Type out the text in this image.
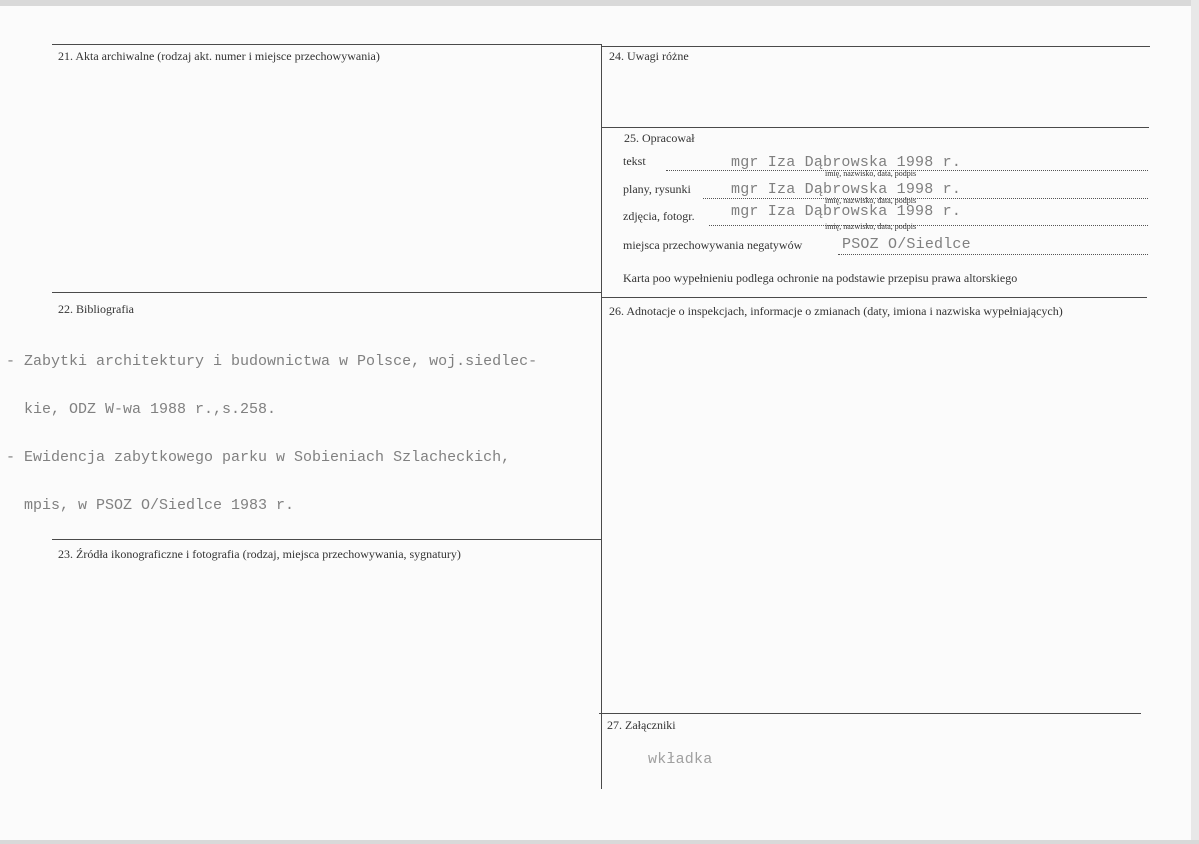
21. Akta archiwalne (rodzaj akt. numer i miejsce przechowywania)	24. Uwagi różne
25. Opracował
tekst	mgr Iza Dąbrowska 1998 r.
imię, nazwisko, data, podpis
plany, rysunki	mgr Iza Dąbrowska 1998 r.
imię, nazwisko, data, podpis
zdjęcia, fotogr. mgr Iza Dąbrowska 1998 r.
imię, nazwisko, data, podpis
miejsca przechowywania negatywów	PSOZ O/Siedlce
Karta poo wypełnieniu podlega ochronie na podstawie przepisu prawa altorskiego
22. Bibliografia

- Zabytki architektury i budownictwa w Polsce, woj.siedlec-

kie, ODZ W-wa 1988 r.,s.258.

- Ewidencja zabytkowego parku w Sobieniach Szlacheckich,

mpis, w PSOZ O/Siedlce 1983 r.

26. Adnotacje o inspekcjach, informacje o zmianach (daty, imiona i nazwiska wypełniających)
23. Źródła ikonograficzne i fotografia (rodzaj, miejsca przechowywania, sygnatury)
27. Załączniki
wkładka
